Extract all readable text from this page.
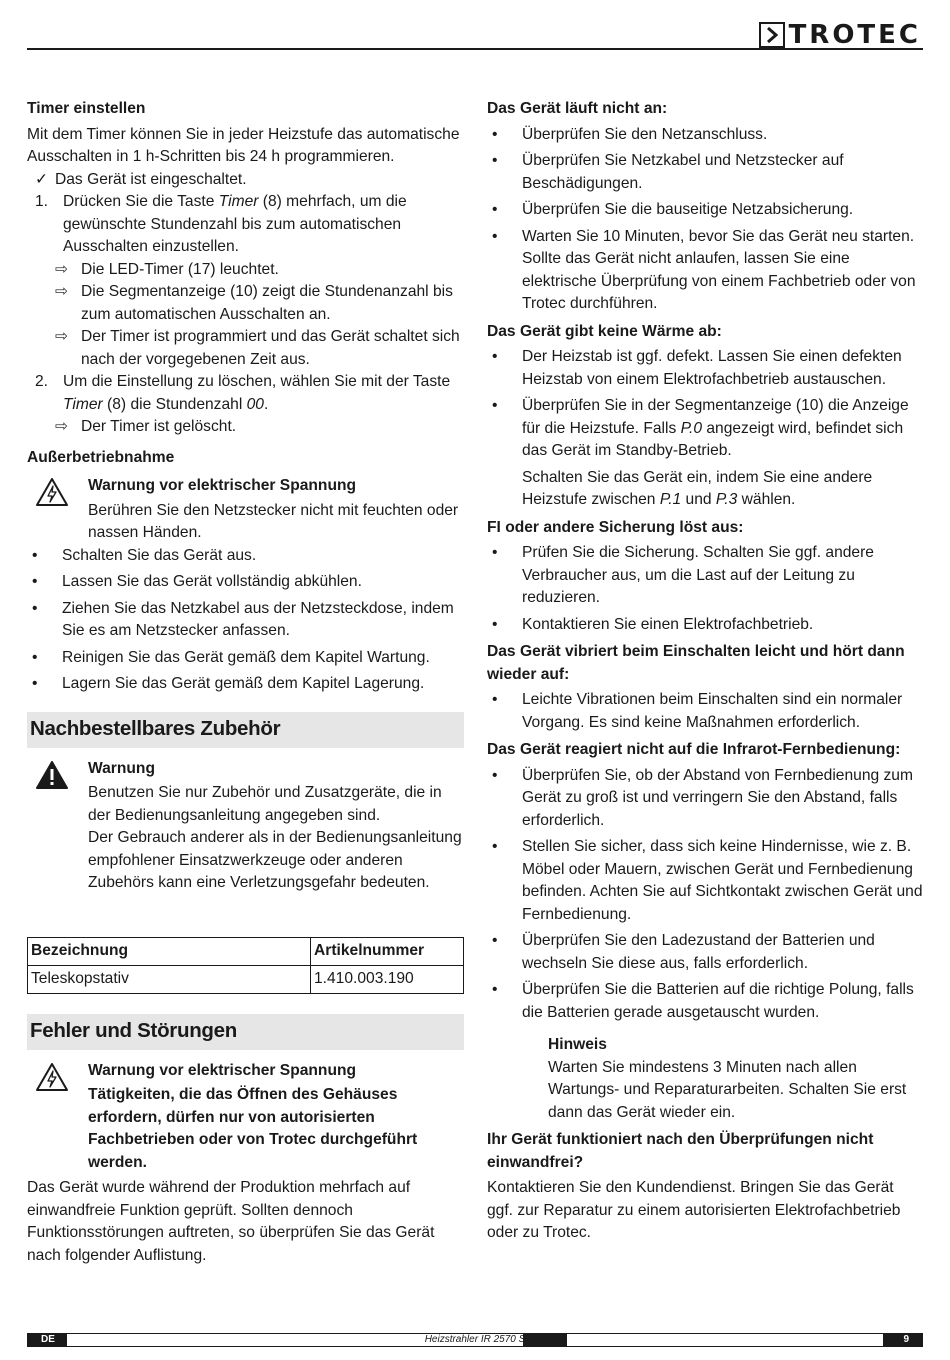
TROTEC
Timer einstellen
Mit dem Timer können Sie in jeder Heizstufe das automatische Ausschalten in 1 h-Schritten bis 24 h programmieren.
✓ Das Gerät ist eingeschaltet.
1. Drücken Sie die Taste Timer (8) mehrfach, um die gewünschte Stundenzahl bis zum automatischen Ausschalten einzustellen.
⇨ Die LED-Timer (17) leuchtet.
⇨ Die Segmentanzeige (10) zeigt die Stundenanzahl bis zum automatischen Ausschalten an.
⇨ Der Timer ist programmiert und das Gerät schaltet sich nach der vorgegebenen Zeit aus.
2. Um die Einstellung zu löschen, wählen Sie mit der Taste Timer (8) die Stundenzahl 00.
⇨ Der Timer ist gelöscht.
Außerbetriebnahme
Warnung vor elektrischer Spannung
Berühren Sie den Netzstecker nicht mit feuchten oder nassen Händen.
•	Schalten Sie das Gerät aus.
•	Lassen Sie das Gerät vollständig abkühlen.
•	Ziehen Sie das Netzkabel aus der Netzsteckdose, indem Sie es am Netzstecker anfassen.
•	Reinigen Sie das Gerät gemäß dem Kapitel Wartung.
•	Lagern Sie das Gerät gemäß dem Kapitel Lagerung.
Nachbestellbares Zubehör
Warnung
Benutzen Sie nur Zubehör und Zusatzgeräte, die in der Bedienungsanleitung angegeben sind.
Der Gebrauch anderer als in der Bedienungsanleitung empfohlener Einsatzwerkzeuge oder anderen Zubehörs kann eine Verletzungsgefahr bedeuten.
Bezeichnung	Artikelnummer
Teleskopstativ	1.410.003.190
Fehler und Störungen
Warnung vor elektrischer Spannung
Tätigkeiten, die das Öffnen des Gehäuses erfordern, dürfen nur von autorisierten Fachbetrieben oder von Trotec durchgeführt werden.
Das Gerät wurde während der Produktion mehrfach auf einwandfreie Funktion geprüft. Sollten dennoch Funktionsstörungen auftreten, so überprüfen Sie das Gerät nach folgender Auflistung.
Das Gerät läuft nicht an:
•	Überprüfen Sie den Netzanschluss.
•	Überprüfen Sie Netzkabel und Netzstecker auf Beschädigungen.
•	Überprüfen Sie die bauseitige Netzabsicherung.
•	Warten Sie 10 Minuten, bevor Sie das Gerät neu starten. Sollte das Gerät nicht anlaufen, lassen Sie eine elektrische Überprüfung von einem Fachbetrieb oder von Trotec durchführen.
Das Gerät gibt keine Wärme ab:
•	Der Heizstab ist ggf. defekt. Lassen Sie einen defekten Heizstab von einem Elektrofachbetrieb austauschen.
•	Überprüfen Sie in der Segmentanzeige (10) die Anzeige für die Heizstufe. Falls P.0 angezeigt wird, befindet sich das Gerät im Standby-Betrieb.
Schalten Sie das Gerät ein, indem Sie eine andere Heizstufe zwischen P.1 und P.3 wählen.
FI oder andere Sicherung löst aus:
•	Prüfen Sie die Sicherung. Schalten Sie ggf. andere Verbraucher aus, um die Last auf der Leitung zu reduzieren.
•	Kontaktieren Sie einen Elektrofachbetrieb.
Das Gerät vibriert beim Einschalten leicht und hört dann wieder auf:
•	Leichte Vibrationen beim Einschalten sind ein normaler Vorgang. Es sind keine Maßnahmen erforderlich.
Das Gerät reagiert nicht auf die Infrarot-Fernbedienung:
•	Überprüfen Sie, ob der Abstand von Fernbedienung zum Gerät zu groß ist und verringern Sie den Abstand, falls erforderlich.
•	Stellen Sie sicher, dass sich keine Hindernisse, wie z. B. Möbel oder Mauern, zwischen Gerät und Fernbedienung befinden. Achten Sie auf Sichtkontakt zwischen Gerät und Fernbedienung.
•	Überprüfen Sie den Ladezustand der Batterien und wechseln Sie diese aus, falls erforderlich.
•	Überprüfen Sie die Batterien auf die richtige Polung, falls die Batterien gerade ausgetauscht wurden.
Hinweis
Warten Sie mindestens 3 Minuten nach allen Wartungs- und Reparaturarbeiten. Schalten Sie erst dann das Gerät wieder ein.
Ihr Gerät funktioniert nach den Überprüfungen nicht einwandfrei?
Kontaktieren Sie den Kundendienst. Bringen Sie das Gerät ggf. zur Reparatur zu einem autorisierten Elektrofachbetrieb oder zu Trotec.
DE	Heizstrahler IR 2570 S	9
